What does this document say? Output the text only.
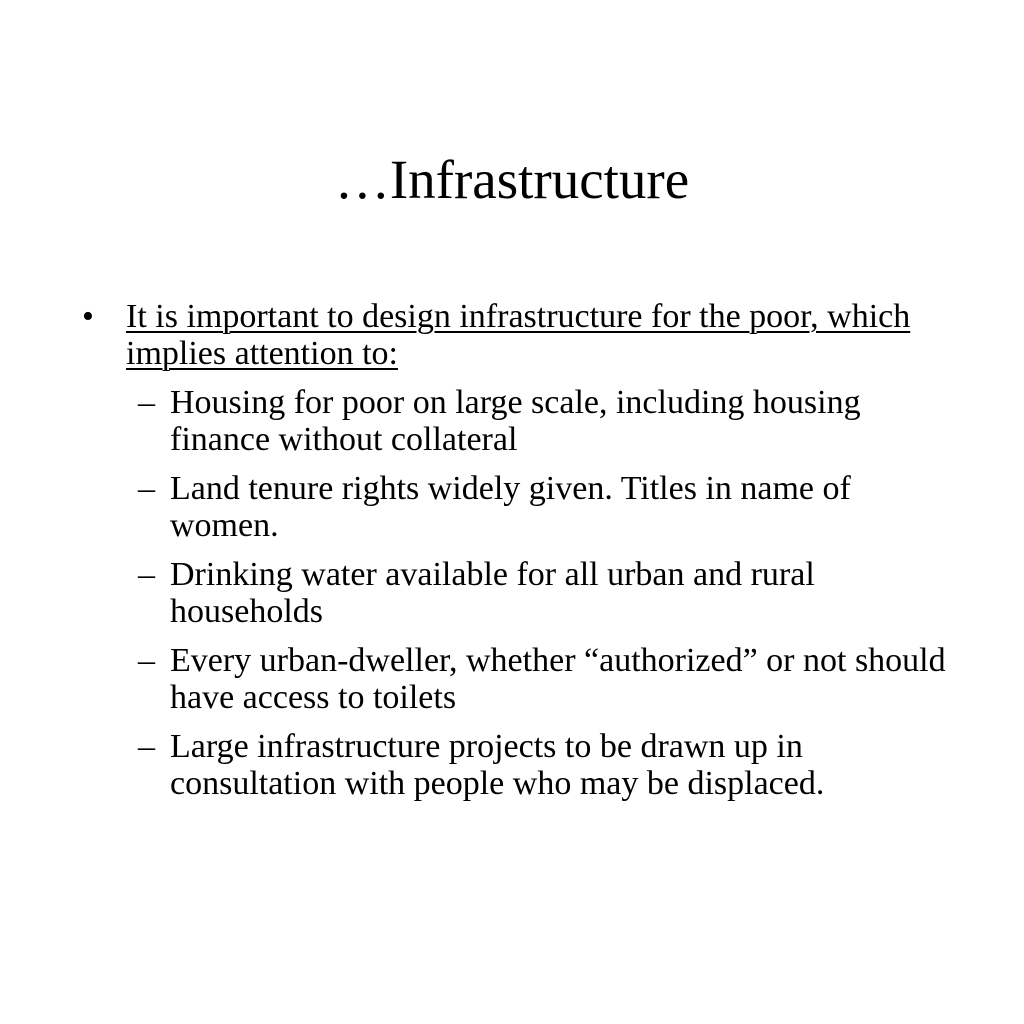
…Infrastructure
• It is important to design infrastructure for the poor, which implies attention to:
– Housing for poor on large scale, including housing finance without collateral
– Land tenure rights widely given. Titles in name of women.
– Drinking water available for all urban and rural households
– Every urban-dweller, whether “authorized” or not should have access to toilets
– Large infrastructure projects to be drawn up in consultation with people who may be displaced.
